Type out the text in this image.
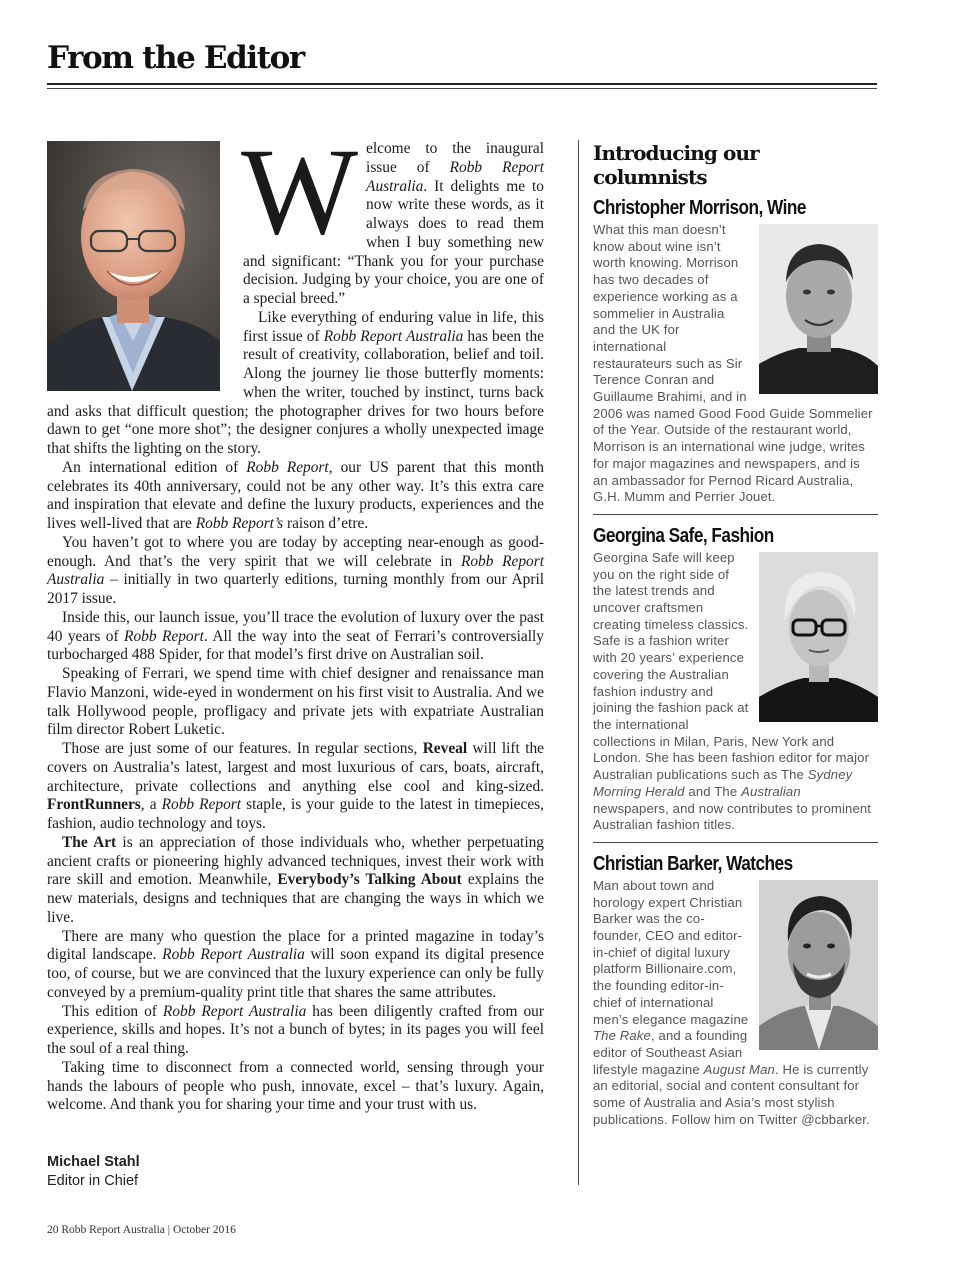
From the Editor
W elcome to the inaugural issue of Robb Report Australia. It delights me to now write these words, as it always does to read them when I buy something new and significant: “Thank you for your purchase decision. Judging by your choice, you are one of a special breed.”

Like everything of enduring value in life, this first issue of Robb Report Australia has been the result of creativity, collaboration, belief and toil. Along the journey lie those butterfly moments: when the writer, touched by instinct, turns back and asks that difficult question; the photographer drives for two hours before dawn to get “one more shot”; the designer conjures a wholly unexpected image that shifts the lighting on the story.

An international edition of Robb Report, our US parent that this month celebrates its 40th anniversary, could not be any other way. It’s this extra care and inspiration that elevate and define the luxury products, experiences and the lives well-lived that are Robb Report’s raison d’etre.

You haven’t got to where you are today by accepting near-enough as good-enough. And that’s the very spirit that we will celebrate in Robb Report Australia – initially in two quarterly editions, turning monthly from our April 2017 issue.

Inside this, our launch issue, you’ll trace the evolution of luxury over the past 40 years of Robb Report. All the way into the seat of Ferrari’s controversially turbocharged 488 Spider, for that model’s first drive on Australian soil.

Speaking of Ferrari, we spend time with chief designer and renaissance man Flavio Manzoni, wide-eyed in wonderment on his first visit to Australia. And we talk Hollywood people, profligacy and private jets with expatriate Australian film director Robert Luketic.

Those are just some of our features. In regular sections, Reveal will lift the covers on Australia’s latest, largest and most luxurious of cars, boats, aircraft, architecture, private collections and anything else cool and king-sized. FrontRunners, a Robb Report staple, is your guide to the latest in timepieces, fashion, audio technology and toys.

The Art is an appreciation of those individuals who, whether perpetuating ancient crafts or pioneering highly advanced techniques, invest their work with rare skill and emotion. Meanwhile, Everybody’s Talking About explains the new materials, designs and techniques that are changing the ways in which we live.

There are many who question the place for a printed magazine in today’s digital landscape. Robb Report Australia will soon expand its digital presence too, of course, but we are convinced that the luxury experience can only be fully conveyed by a premium-quality print title that shares the same attributes.

This edition of Robb Report Australia has been diligently crafted from our experience, skills and hopes. It’s not a bunch of bytes; in its pages you will feel the soul of a real thing.

Taking time to disconnect from a connected world, sensing through your hands the labours of people who push, innovate, excel – that’s luxury. Again, welcome. And thank you for sharing your time and your trust with us.

Michael Stahl
Editor in Chief
20 Robb Report Australia | October 2016
Introducing our columnists
Christopher Morrison, Wine
What this man doesn’t know about wine isn’t worth knowing. Morrison has two decades of experience working as a sommelier in Australia and the UK for international restaurateurs such as Sir Terence Conran and Guillaume Brahimi, and in 2006 was named Good Food Guide Sommelier of the Year. Outside of the restaurant world, Morrison is an international wine judge, writes for major magazines and newspapers, and is an ambassador for Pernod Ricard Australia, G.H. Mumm and Perrier Jouet.
Georgina Safe, Fashion
Georgina Safe will keep you on the right side of the latest trends and uncover craftsmen creating timeless classics. Safe is a fashion writer with 20 years’ experience covering the Australian fashion industry and joining the fashion pack at the international collections in Milan, Paris, New York and London. She has been fashion editor for major Australian publications such as The Sydney Morning Herald and The Australian newspapers, and now contributes to prominent Australian fashion titles.
Christian Barker, Watches
Man about town and horology expert Christian Barker was the co-founder, CEO and editor-in-chief of digital luxury platform Billionaire.com, the founding editor-in-chief of international men’s elegance magazine The Rake, and a founding editor of Southeast Asian lifestyle magazine August Man. He is currently an editorial, social and content consultant for some of Australia and Asia’s most stylish publications. Follow him on Twitter @cbbarker.
